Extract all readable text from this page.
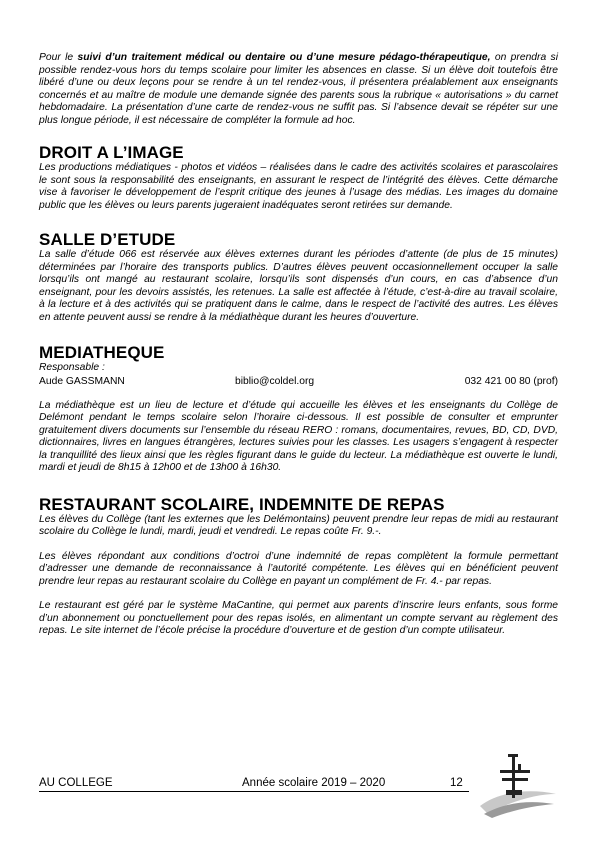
Pour le suivi d’un traitement médical ou dentaire ou d’une mesure pédago-thérapeutique, on prendra si possible rendez-vous hors du temps scolaire pour limiter les absences en classe. Si un élève doit toutefois être libéré d’une ou deux leçons pour se rendre à un tel rendez-vous, il présentera préalablement aux enseignants concernés et au maître de module une demande signée des parents sous la rubrique « autorisations » du carnet hebdomadaire. La présentation d’une carte de rendez-vous ne suffit pas. Si l’absence devait se répéter sur une plus longue période, il est nécessaire de compléter la formule ad hoc.

DROIT A L’IMAGE

Les productions médiatiques - photos et vidéos – réalisées dans le cadre des activités scolaires et parascolaires le sont sous la responsabilité des enseignants, en assurant le respect de l’intégrité des élèves. Cette démarche vise à favoriser le développement de l’esprit critique des jeunes à l’usage des médias. Les images du domaine public que les élèves ou leurs parents jugeraient inadéquates seront retirées sur demande.

SALLE D’ETUDE

La salle d’étude 066 est réservée aux élèves externes durant les périodes d’attente (de plus de 15 minutes) déterminées par l’horaire des transports publics. D’autres élèves peuvent occasionnellement occuper la salle lorsqu’ils ont mangé au restaurant scolaire, lorsqu’ils sont dispensés d’un cours, en cas d’absence d’un enseignant, pour les devoirs assistés, les retenues. La salle est affectée à l’étude, c’est-à-dire au travail scolaire, à la lecture et à des activités qui se pratiquent dans le calme, dans le respect de l’activité des autres. Les élèves en attente peuvent aussi se rendre à la médiathèque durant les heures d’ouverture.

MEDIATHEQUE
Responsable :
Aude GASSMANN	biblio@coldel.org	032 421 00 80 (prof)

La médiathèque est un lieu de lecture et d’étude qui accueille les élèves et les enseignants du Collège de Delémont pendant le temps scolaire selon l’horaire ci-dessous. Il est possible de consulter et emprunter gratuitement divers documents sur l’ensemble du réseau RERO : romans, documentaires, revues, BD, CD, DVD, dictionnaires, livres en langues étrangères, lectures suivies pour les classes. Les usagers s’engagent à respecter la tranquillité des lieux ainsi que les règles figurant dans le guide du lecteur. La médiathèque est ouverte le lundi, mardi et jeudi de 8h15 à 12h00 et de 13h00 à 16h30.

RESTAURANT SCOLAIRE, INDEMNITE DE REPAS

Les élèves du Collège (tant les externes que les Delémontains) peuvent prendre leur repas de midi au restaurant scolaire du Collège le lundi, mardi, jeudi et vendredi. Le repas coûte Fr. 9.-.

Les élèves répondant aux conditions d’octroi d’une indemnité de repas complètent la formule permettant d’adresser une demande de reconnaissance à l’autorité compétente. Les élèves qui en bénéficient peuvent prendre leur repas au restaurant scolaire du Collège en payant un complément de Fr. 4.- par repas.

Le restaurant est géré par le système MaCantine, qui permet aux parents d’inscrire leurs enfants, sous forme d’un abonnement ou ponctuellement pour des repas isolés, en alimentant un compte servant au règlement des repas. Le site internet de l’école précise la procédure d’ouverture et de gestion d’un compte utilisateur.

AU COLLEGE	Année scolaire 2019 – 2020	12
